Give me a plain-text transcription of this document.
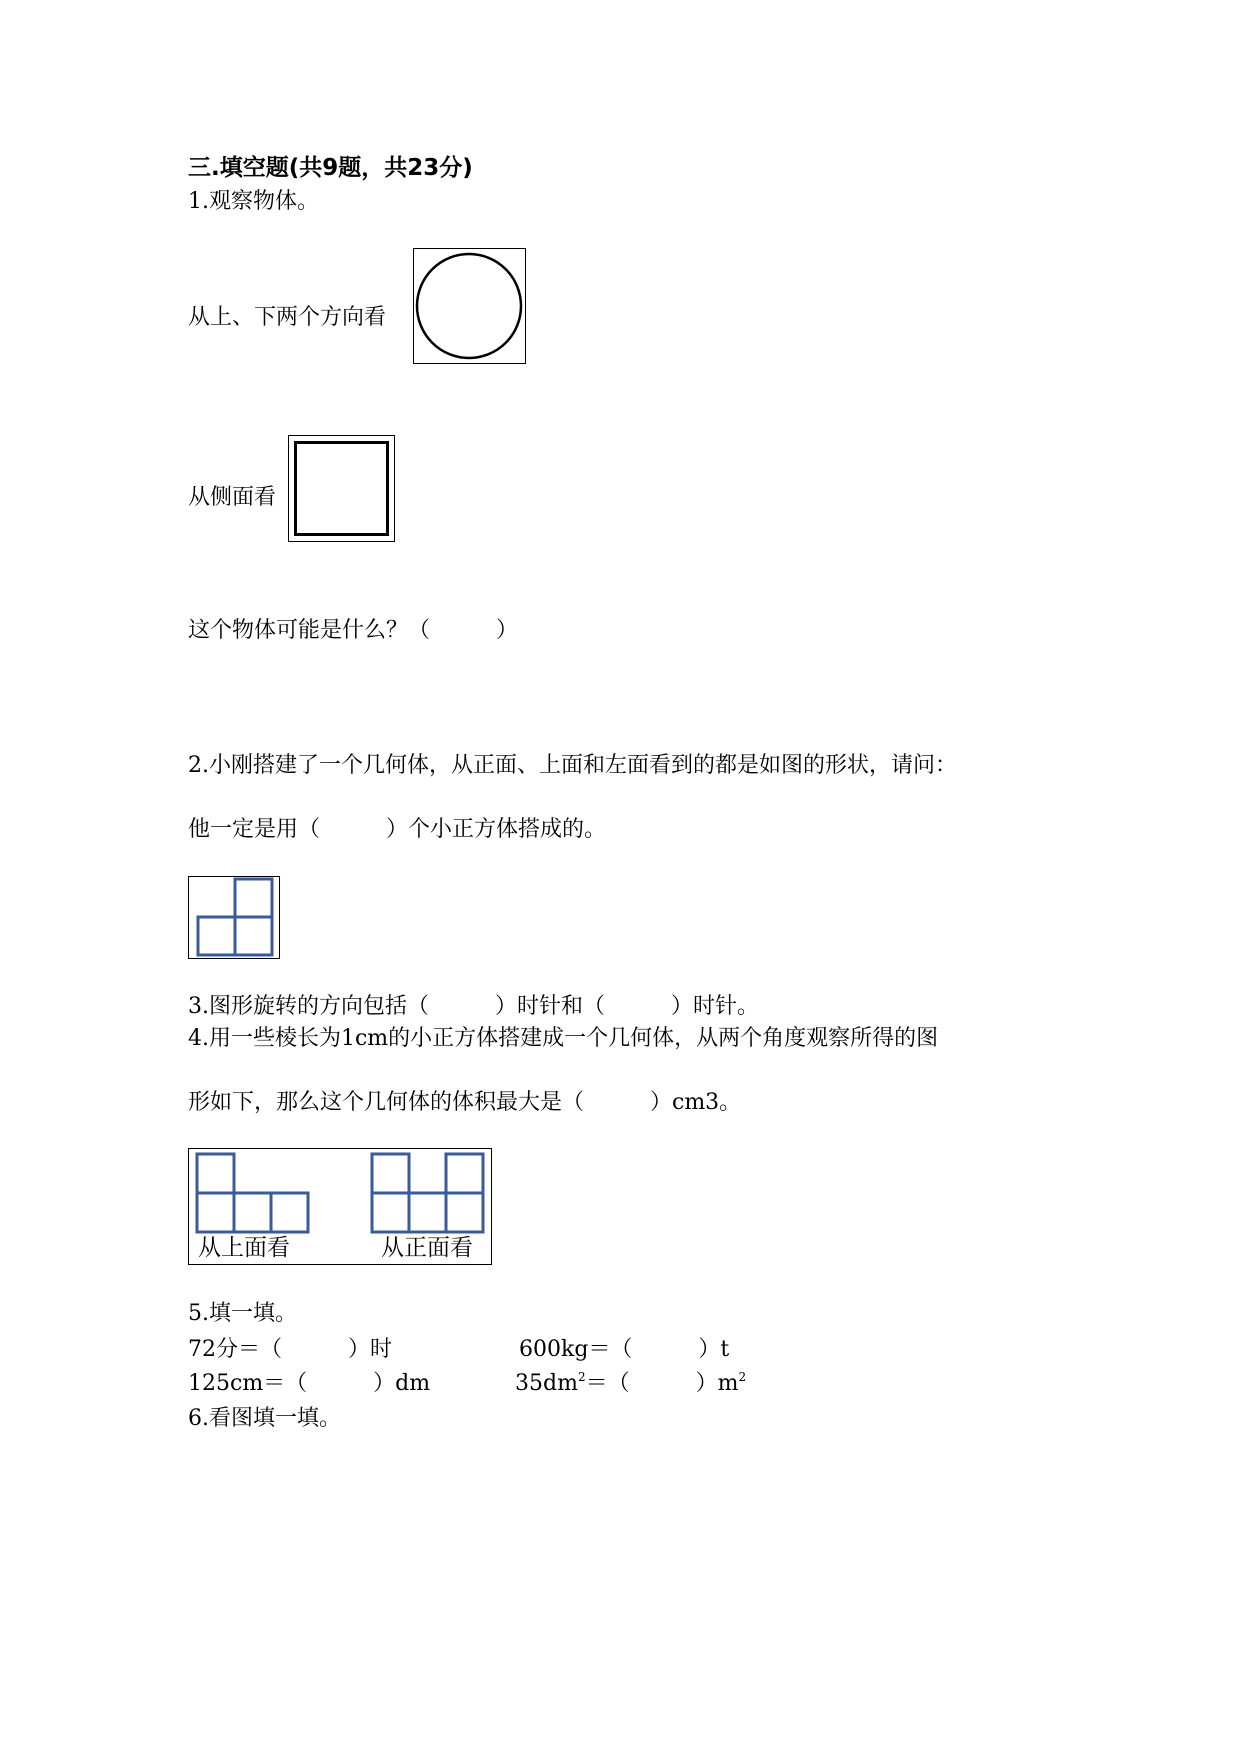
三.填空题(共9题，共23分)
1.观察物体。
从上、下两个方向看
从侧面看
这个物体可能是什么？（　　　）
2.小刚搭建了一个几何体，从正面、上面和左面看到的都是如图的形状，请问：
他一定是用（　　　）个小正方体搭成的。
3.图形旋转的方向包括（　　　）时针和（　　　）时针。
4.用一些棱长为1cm的小正方体搭建成一个几何体，从两个角度观察所得的图
形如下，那么这个几何体的体积最大是（　　　）cm3。
从上面看	从正面看
5.填一填。
72分＝（　　　）时	600kg＝（　　　）t
125cm＝（　　　）dm	$35dm^2=$（　　　）$m^2$
6.看图填一填。
